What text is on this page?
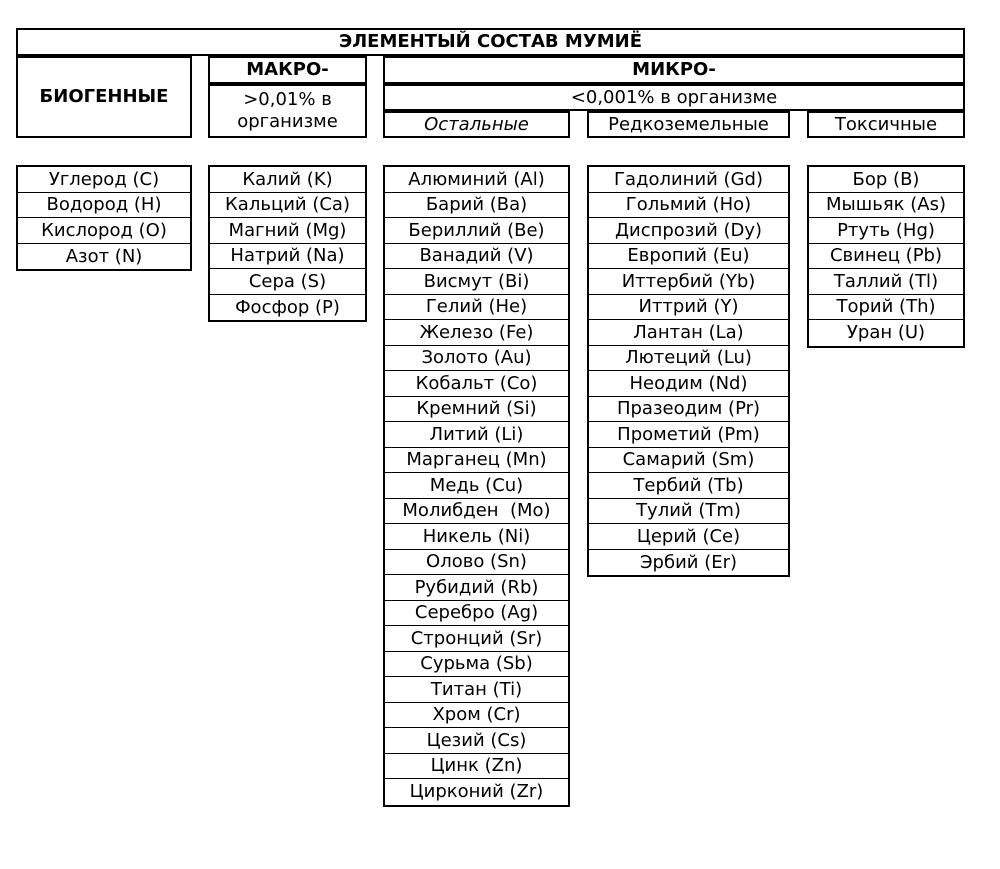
ЭЛЕМЕНТЫЙ СОСТАВ МУМИЁ
БИОГЕННЫЕ
МАКРО-
>0,01% в организме
МИКРО-
<0,001% в организме
Остальные	Редкоземельные	Токсичные
Углерод (C)
Водород (H)
Кислород (O)
Азот (N)
Калий (K)
Кальций (Ca)
Магний (Mg)
Натрий (Na)
Сера (S)
Фосфор (P)
Алюминий (Al)
Барий (Ba)
Бериллий (Be)
Ванадий (V)
Висмут (Bi)
Гелий (He)
Железо (Fe)
Золото (Au)
Кобальт (Co)
Кремний (Si)
Литий (Li)
Марганец (Mn)
Медь (Cu)
Молибден  (Mo)
Никель (Ni)
Олово (Sn)
Рубидий (Rb)
Серебро (Ag)
Стронций (Sr)
Сурьма (Sb)
Титан (Ti)
Хром (Cr)
Цезий (Cs)
Цинк (Zn)
Цирконий (Zr)
Гадолиний (Gd)
Гольмий (Ho)
Диспрозий (Dy)
Европий (Eu)
Иттербий (Yb)
Иттрий (Y)
Лантан (La)
Лютеций (Lu)
Неодим (Nd)
Празеодим (Pr)
Прометий (Pm)
Самарий (Sm)
Тербий (Tb)
Тулий (Tm)
Церий (Ce)
Эрбий (Er)
Бор (B)
Мышьяк (As)
Ртуть (Hg)
Свинец (Pb)
Таллий (Tl)
Торий (Th)
Уран (U)
